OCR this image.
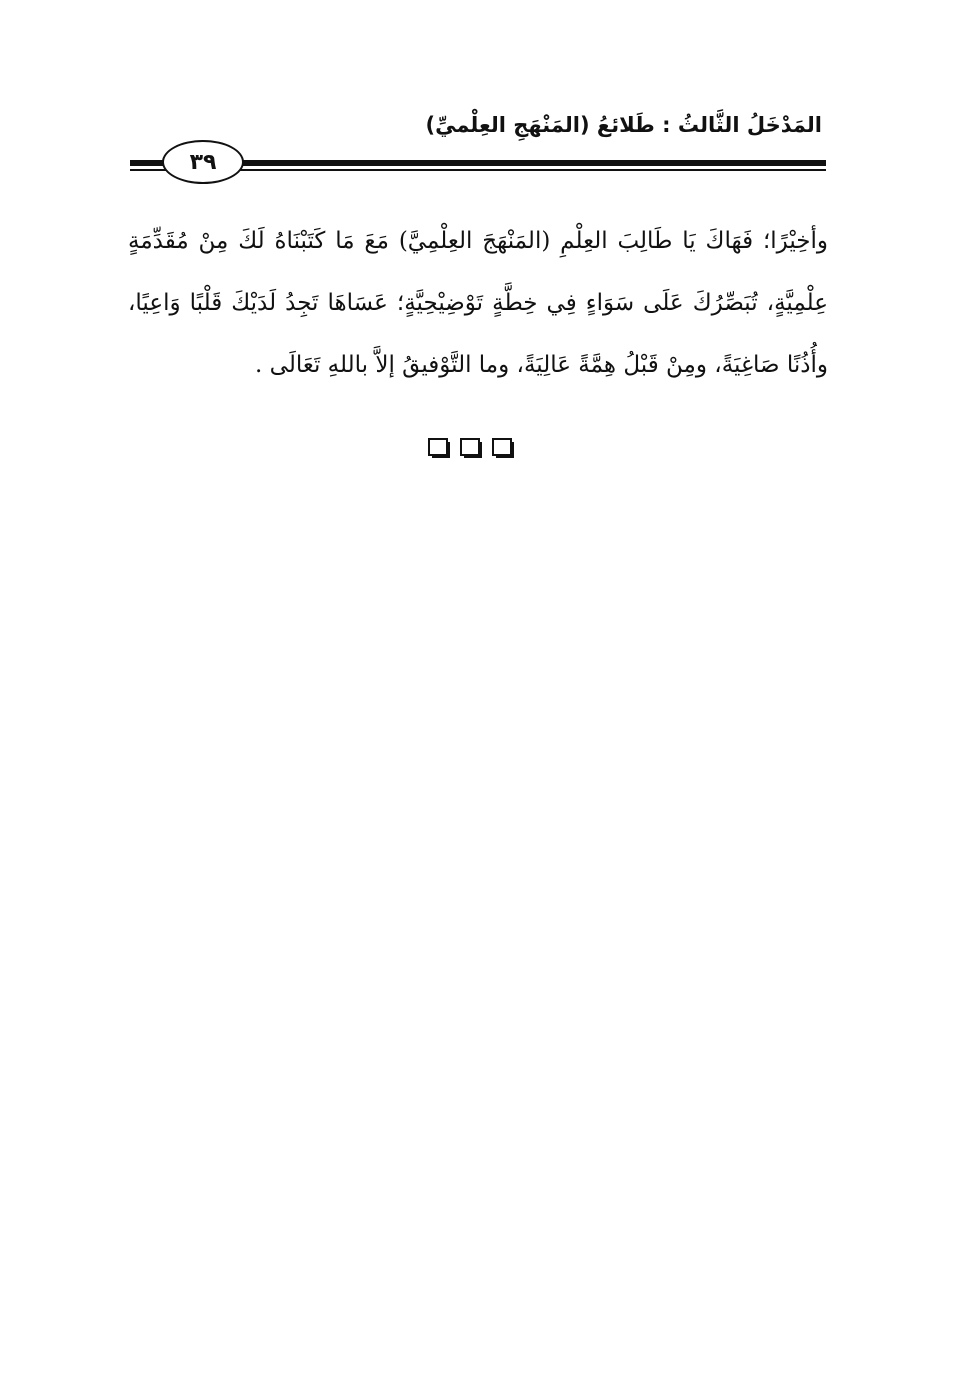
المَدْخَلُ الثَّالثُ : طَلائعُ (المَنْهَجِ العِلْميِّ)
٣٩
وأخِيْرًا؛ فَهَاكَ يَا طَالِبَ العِلْمِ (المَنْهَجَ العِلْمِيَّ) مَعَ مَا كَتَبْنَاهُ لَكَ مِنْ مُقَدِّمَةٍ عِلْمِيَّةٍ، تُبَصِّرُكَ عَلَى سَوَاءٍ فِي خِطَّةٍ تَوْضِيْحِيَّةٍ؛ عَسَاهَا تَجِدُ لَدَيْكَ قَلْبًا وَاعِيًا، وأُذُنًا صَاغِيَةً، ومِنْ قَبْلُ هِمَّةً عَالِيَةً، وما التَّوْفيقُ إلاَّ باللهِ تَعَالَى .
